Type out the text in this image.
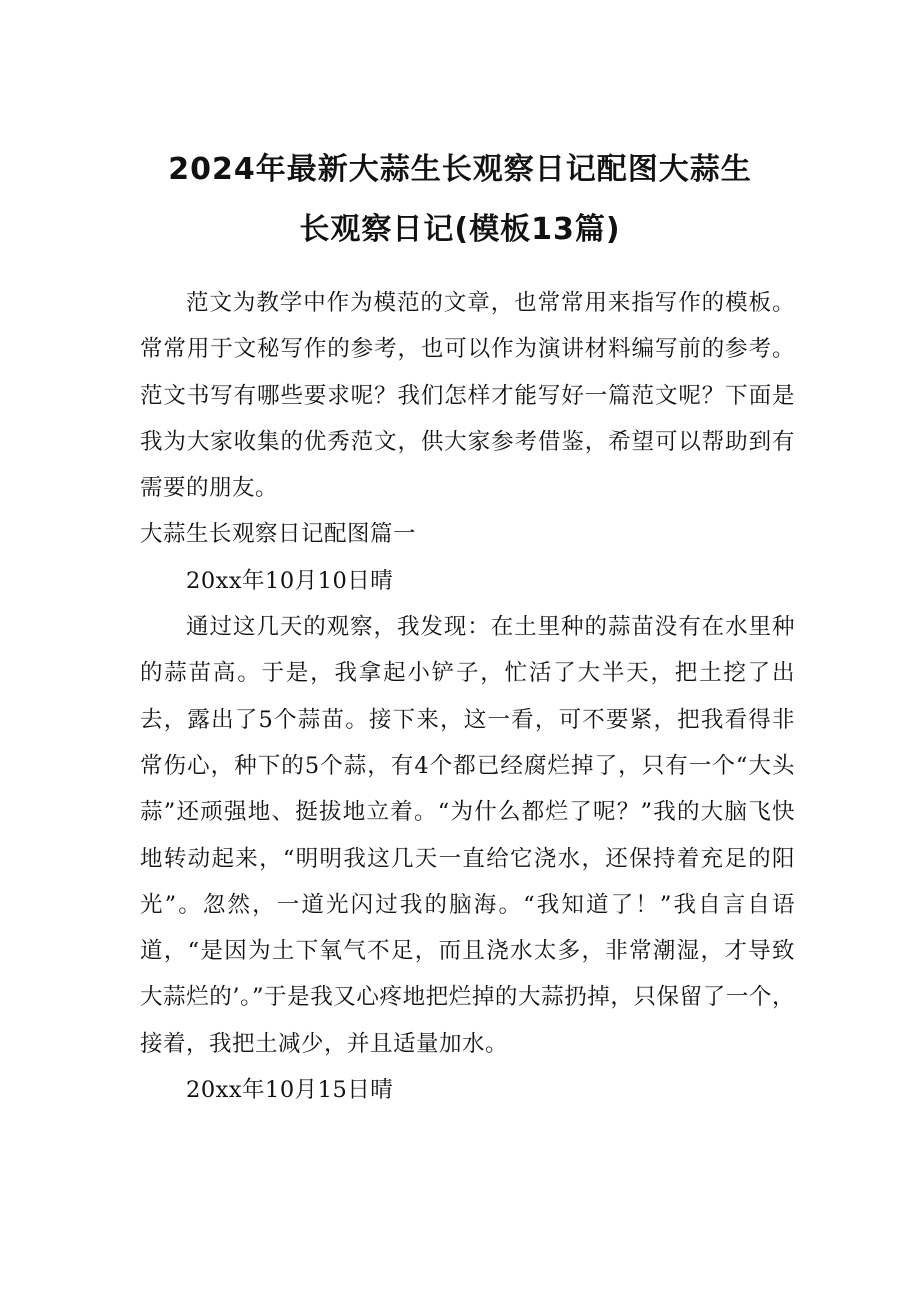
2024年最新大蒜生长观察日记配图大蒜生
长观察日记(模板13篇)

范文为教学中作为模范的文章，也常常用来指写作的模板。常常用于文秘写作的参考，也可以作为演讲材料编写前的参考。范文书写有哪些要求呢？我们怎样才能写好一篇范文呢？下面是我为大家收集的优秀范文，供大家参考借鉴，希望可以帮助到有需要的朋友。

大蒜生长观察日记配图篇一

20xx年10月10日晴

通过这几天的观察，我发现：在土里种的蒜苗没有在水里种的蒜苗高。于是，我拿起小铲子，忙活了大半天，把土挖了出去，露出了5个蒜苗。接下来，这一看，可不要紧，把我看得非常伤心，种下的5个蒜，有4个都已经腐烂掉了，只有一个“大头蒜”还顽强地、挺拔地立着。“为什么都烂了呢？”我的大脑飞快地转动起来，“明明我这几天一直给它浇水，还保持着充足的阳光”。忽然，一道光闪过我的脑海。“我知道了！”我自言自语道，“是因为土下氧气不足，而且浇水太多，非常潮湿，才导致大蒜烂的’。”于是我又心疼地把烂掉的大蒜扔掉，只保留了一个，接着，我把土减少，并且适量加水。

20xx年10月15日晴
